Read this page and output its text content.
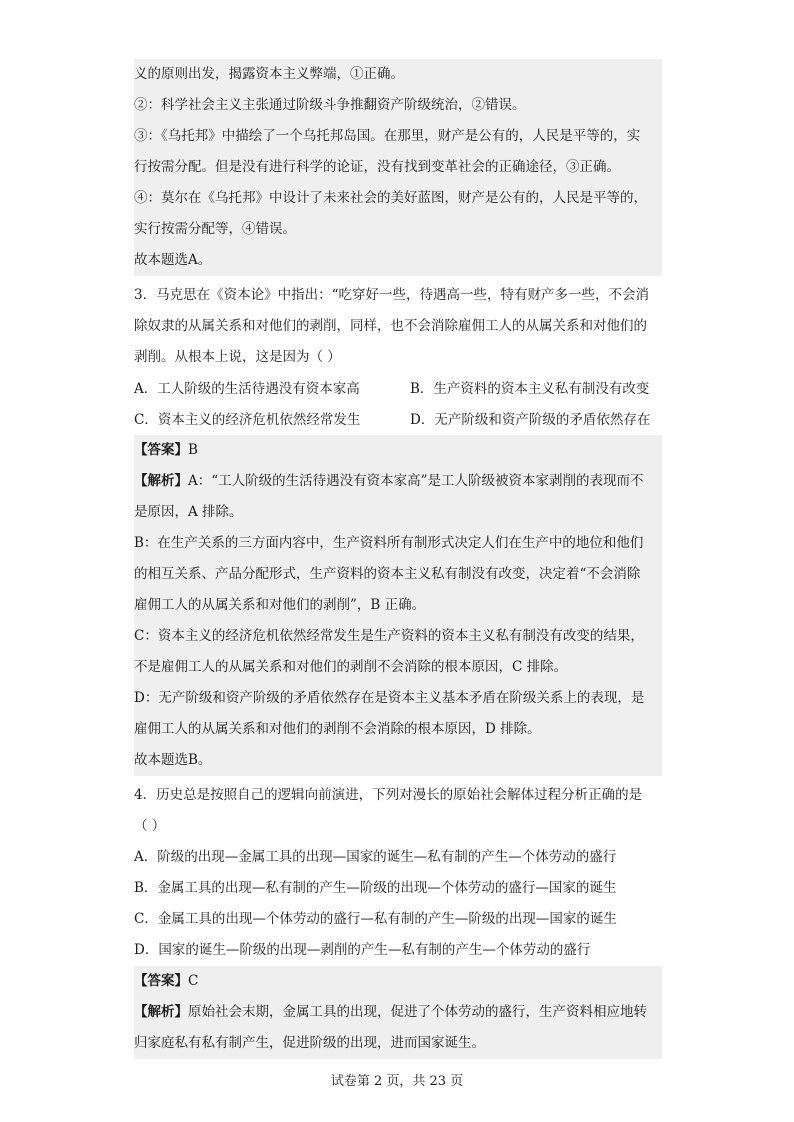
义的原则出发，揭露资本主义弊端，①正确。
②：科学社会主义主张通过阶级斗争推翻资产阶级统治，②错误。
③：《乌托邦》中描绘了一个乌托邦岛国。在那里，财产是公有的，人民是平等的，实
行按需分配。但是没有进行科学的论证，没有找到变革社会的正确途径，③正确。
④：莫尔在《乌托邦》中设计了未来社会的美好蓝图，财产是公有的，人民是平等的，
实行按需分配等，④错误。
故本题选A。
3．马克思在《资本论》中指出：“吃穿好一些，待遇高一些，特有财产多一些，不会消
除奴隶的从属关系和对他们的剥削，同样，也不会消除雇佣工人的从属关系和对他们的
剥削。从根本上说，这是因为（ ）
A．工人阶级的生活待遇没有资本家高	B．生产资料的资本主义私有制没有改变
C．资本主义的经济危机依然经常发生	D．无产阶级和资产阶级的矛盾依然存在
【答案】B
【解析】A：“工人阶级的生活待遇没有资本家高”是工人阶级被资本家剥削的表现而不
是原因，A 排除。
B：在生产关系的三方面内容中，生产资料所有制形式决定人们在生产中的地位和他们
的相互关系、产品分配形式，生产资料的资本主义私有制没有改变，决定着“不会消除
雇佣工人的从属关系和对他们的剥削”，B 正确。
C：资本主义的经济危机依然经常发生是生产资料的资本主义私有制没有改变的结果，
不是雇佣工人的从属关系和对他们的剥削不会消除的根本原因，C 排除。
D：无产阶级和资产阶级的矛盾依然存在是资本主义基本矛盾在阶级关系上的表现，是
雇佣工人的从属关系和对他们的剥削不会消除的根本原因，D 排除。
故本题选B。
4．历史总是按照自己的逻辑向前演进，下列对漫长的原始社会解体过程分析正确的是
（ ）
A．阶级的出现—金属工具的出现—国家的诞生—私有制的产生—个体劳动的盛行
B．金属工具的出现—私有制的产生—阶级的出现—个体劳动的盛行—国家的诞生
C．金属工具的出现—个体劳动的盛行—私有制的产生—阶级的出现—国家的诞生
D．国家的诞生—阶级的出现—剥削的产生—私有制的产生—个体劳动的盛行
【答案】C
【解析】原始社会末期，金属工具的出现，促进了个体劳动的盛行，生产资料相应地转
归家庭私有私有制产生，促进阶级的出现，进而国家诞生。
试卷第 2 页，共 23 页
